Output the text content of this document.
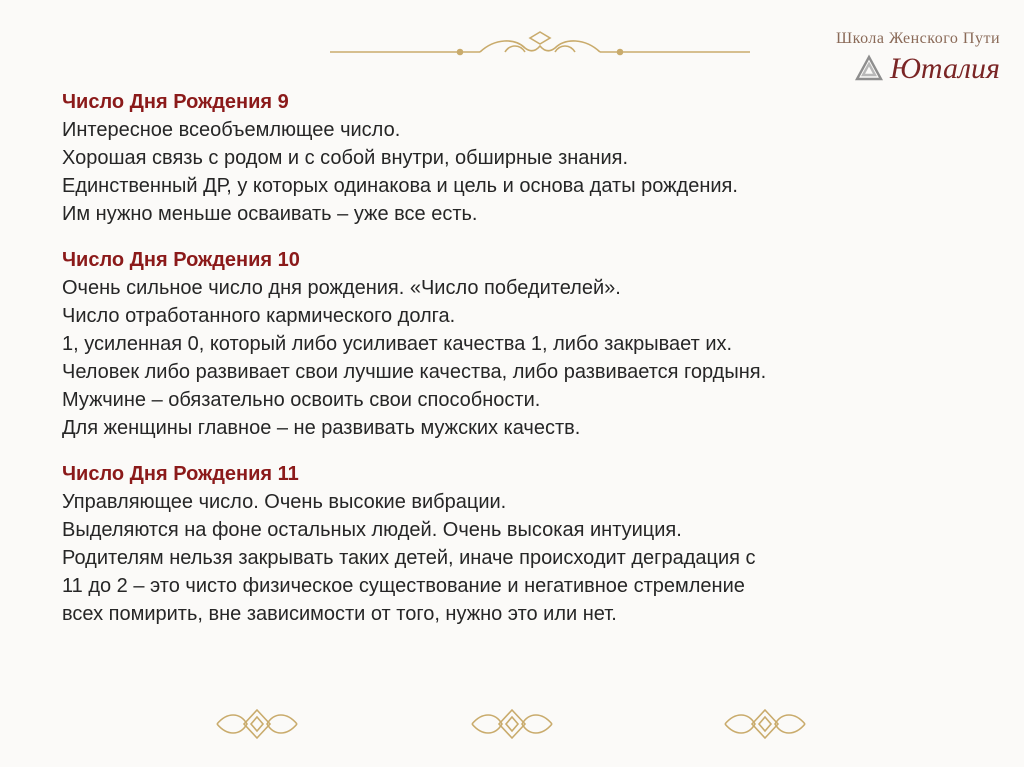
Школа Женского Пути
Юталия
Число Дня Рождения 9
Интересное всеобъемлющее число.
Хорошая связь с родом и с собой внутри, обширные знания.
Единственный ДР, у которых одинакова и цель и основа даты рождения.
Им нужно меньше осваивать – уже все есть.
Число Дня Рождения 10
Очень сильное число дня рождения. «Число победителей».
Число отработанного кармического долга.
1, усиленная 0, который либо усиливает качества 1, либо закрывает их.
Человек либо развивает свои лучшие качества, либо развивается гордыня.
Мужчине – обязательно освоить свои способности.
Для женщины главное – не развивать мужских качеств.
Число Дня Рождения 11
Управляющее число. Очень высокие вибрации.
Выделяются на фоне остальных людей. Очень высокая интуиция.
Родителям нельзя закрывать таких детей, иначе происходит деградация с
11 до 2 – это чисто физическое существование и негативное стремление
всех помирить, вне зависимости от того, нужно это или нет.
